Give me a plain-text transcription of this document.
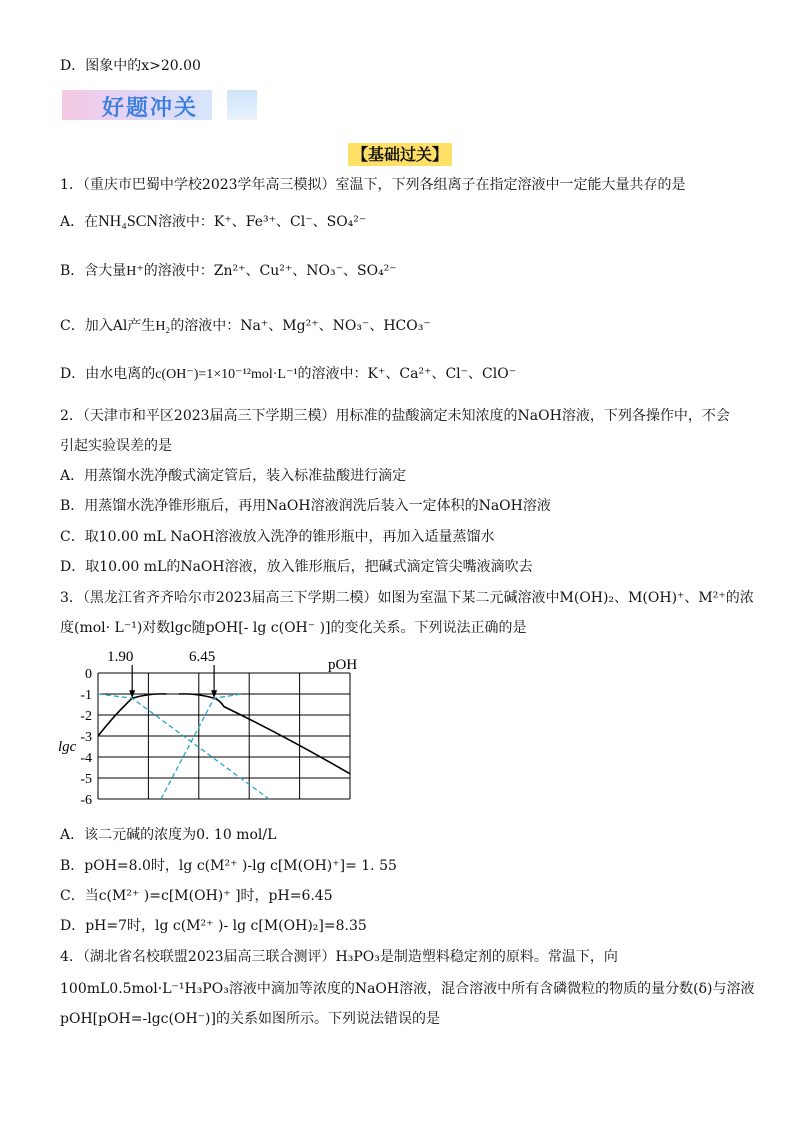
D．图象中的x>20.00
好题冲关
【基础过关】
1．（重庆市巴蜀中学校2023学年高三模拟）室温下，下列各组离子在指定溶液中一定能大量共存的是
A．在NH₄SCN溶液中：K⁺、Fe³⁺、Cl⁻、SO₄²⁻
B．含大量H⁺的溶液中：Zn²⁺、Cu²⁺、NO₃⁻、SO₄²⁻
C．加入Al产生H₂的溶液中：Na⁺、Mg²⁺、NO₃⁻、HCO₃⁻
D．由水电离的c(OH⁻)=1×10⁻¹²mol·L⁻¹的溶液中：K⁺、Ca²⁺、Cl⁻、ClO⁻
2．（天津市和平区2023届高三下学期三模）用标准的盐酸滴定未知浓度的NaOH溶液，下列各操作中，不会
引起实验误差的是
A．用蒸馏水洗净酸式滴定管后，装入标准盐酸进行滴定
B．用蒸馏水洗净锥形瓶后，再用NaOH溶液润洗后装入一定体积的NaOH溶液
C．取10.00 mL NaOH溶液放入洗净的锥形瓶中，再加入适量蒸馏水
D．取10.00 mL的NaOH溶液，放入锥形瓶后，把碱式滴定管尖嘴液滴吹去
3．（黑龙江省齐齐哈尔市2023届高三下学期二模）如图为室温下某二元碱溶液中M(OH)₂、M(OH)⁺、M²⁺的浓
度(mol· L⁻¹)对数lgc随pOH[- lg c(OH⁻ )]的变化关系。下列说法正确的是
0
-1
-2
-3
-4
-5
-6
1.90	6.45	pOH
lgc
A．该二元碱的浓度为0. 10 mol/L
B．pOH=8.0时，lg c(M²⁺ )-lg c[M(OH)⁺]= 1. 55
C．当c(M²⁺ )=c[M(OH)⁺ ]时，pH=6.45
D．pH=7时，lg c(M²⁺ )- lg c[M(OH)₂]=8.35
4．（湖北省名校联盟2023届高三联合测评）H₃PO₃是制造塑料稳定剂的原料。常温下，向
100mL0.5mol·L⁻¹H₃PO₃溶液中滴加等浓度的NaOH溶液，混合溶液中所有含磷微粒的物质的量分数(δ)与溶液
pOH[pOH=-lgc(OH⁻)]的关系如图所示。下列说法错误的是
